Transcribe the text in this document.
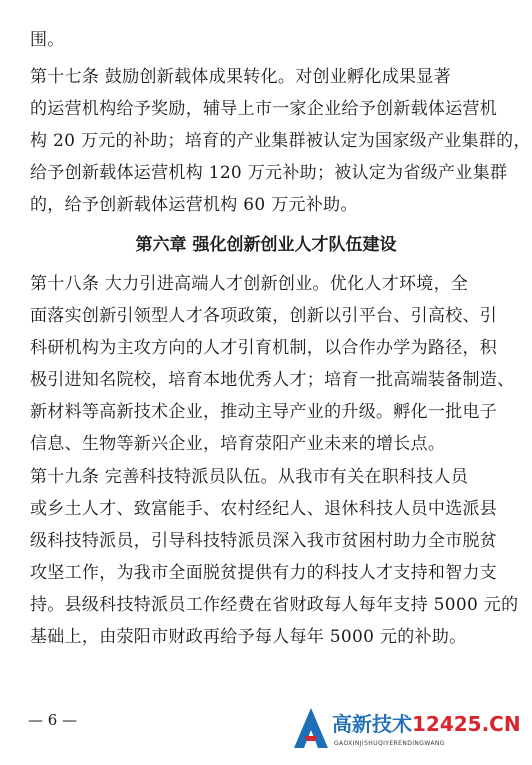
围。
第十七条 鼓励创新载体成果转化。对创业孵化成果显著
的运营机构给予奖励，辅导上市一家企业给予创新载体运营机
构 20 万元的补助；培育的产业集群被认定为国家级产业集群的，
给予创新载体运营机构 120 万元补助；被认定为省级产业集群
的，给予创新载体运营机构 60 万元补助。
第六章 强化创新创业人才队伍建设
第十八条 大力引进高端人才创新创业。优化人才环境，全
面落实创新引领型人才各项政策，创新以引平台、引高校、引
科研机构为主攻方向的人才引育机制，以合作办学为路径，积
极引进知名院校，培育本地优秀人才；培育一批高端装备制造、
新材料等高新技术企业，推动主导产业的升级。孵化一批电子
信息、生物等新兴企业，培育荥阳产业未来的增长点。
第十九条 完善科技特派员队伍。从我市有关在职科技人员
或乡土人才、致富能手、农村经纪人、退休科技人员中选派县
级科技特派员，引导科技特派员深入我市贫困村助力全市脱贫
攻坚工作，为我市全面脱贫提供有力的科技人才支持和智力支
持。县级科技特派员工作经费在省财政每人每年支持 5000 元的
基础上，由荥阳市财政再给予每人每年 5000 元的补助。
— 6 —	高新技术12425.CN
GAOXINJISHUQIYERENDINGWANG
